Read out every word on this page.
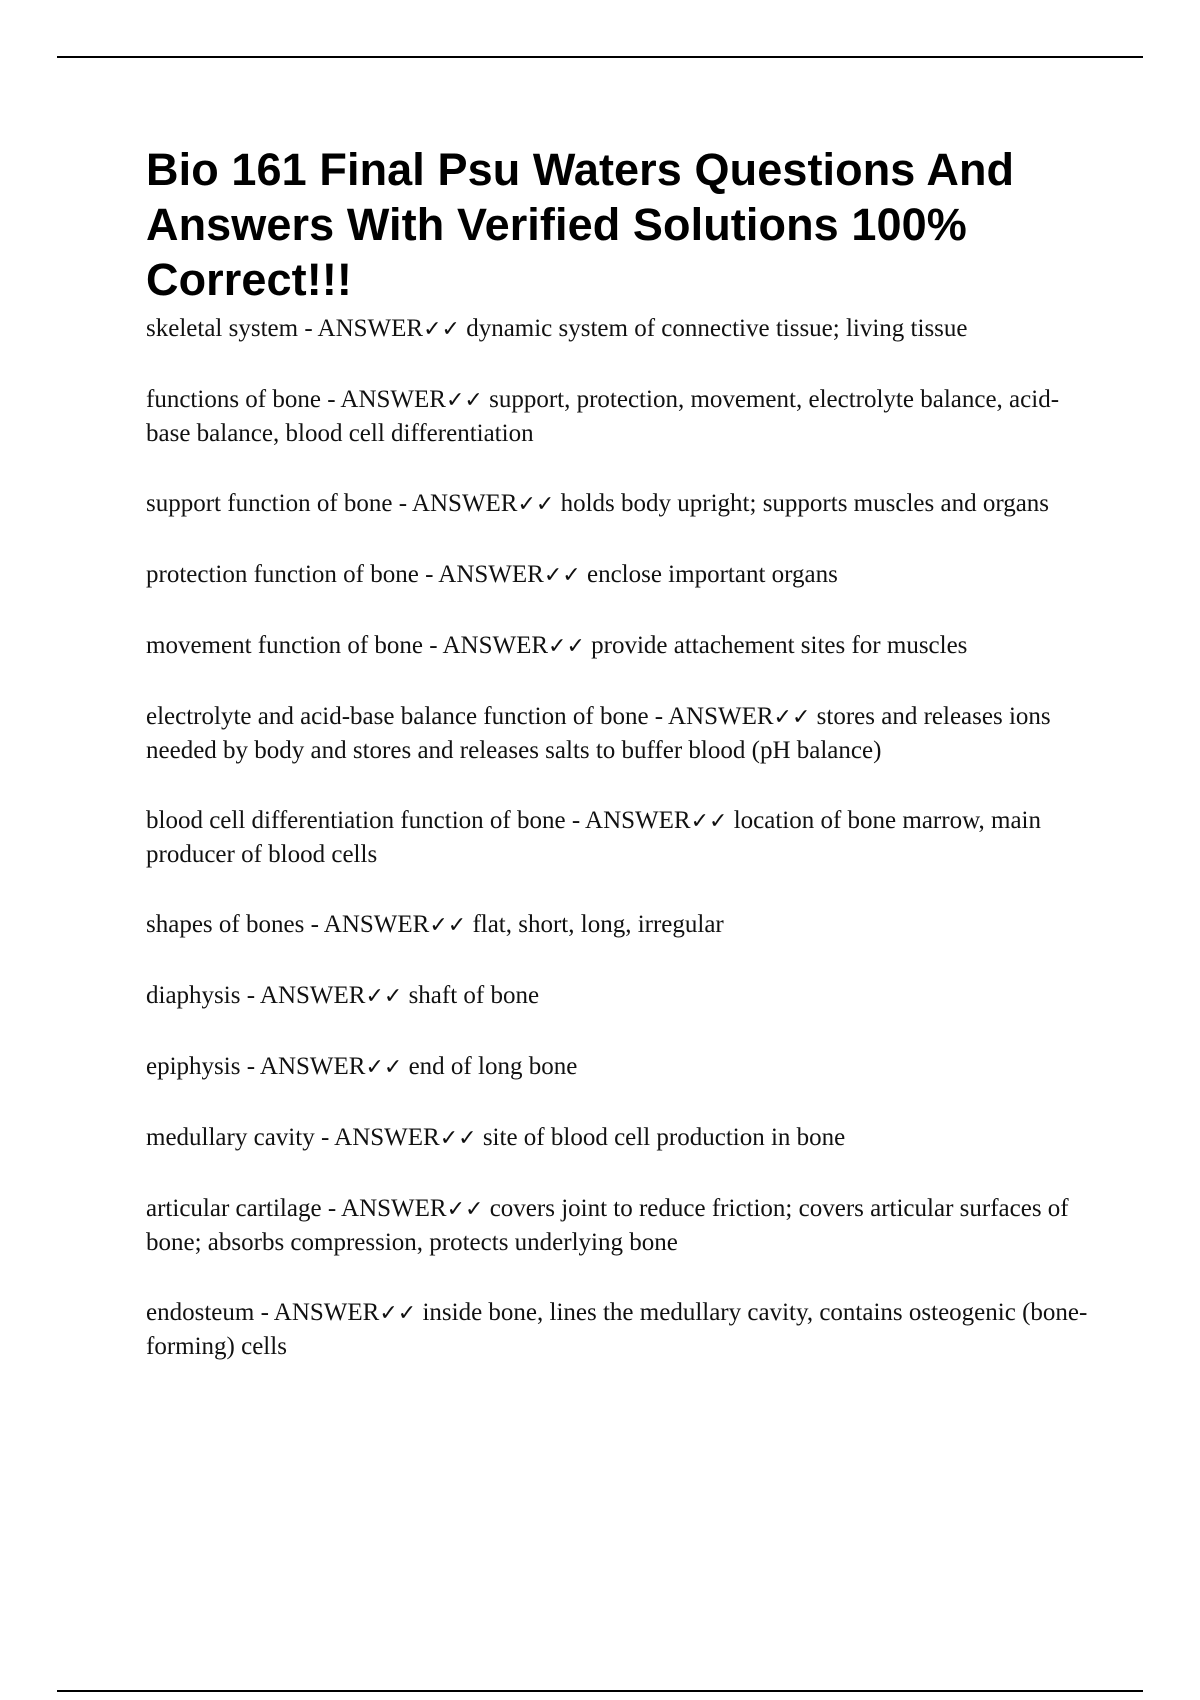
Bio 161 Final Psu Waters Questions And Answers With Verified Solutions 100% Correct!!!

skeletal system - ANSWER✓✓ dynamic system of connective tissue; living tissue

functions of bone - ANSWER✓✓ support, protection, movement, electrolyte balance, acid-base balance, blood cell differentiation

support function of bone - ANSWER✓✓ holds body upright; supports muscles and organs

protection function of bone - ANSWER✓✓ enclose important organs

movement function of bone - ANSWER✓✓ provide attachement sites for muscles

electrolyte and acid-base balance function of bone - ANSWER✓✓ stores and releases ions needed by body and stores and releases salts to buffer blood (pH balance)

blood cell differentiation function of bone - ANSWER✓✓ location of bone marrow, main producer of blood cells

shapes of bones - ANSWER✓✓ flat, short, long, irregular

diaphysis - ANSWER✓✓ shaft of bone

epiphysis - ANSWER✓✓ end of long bone

medullary cavity - ANSWER✓✓ site of blood cell production in bone

articular cartilage - ANSWER✓✓ covers joint to reduce friction; covers articular surfaces of bone; absorbs compression, protects underlying bone

endosteum - ANSWER✓✓ inside bone, lines the medullary cavity, contains osteogenic (bone-forming) cells
